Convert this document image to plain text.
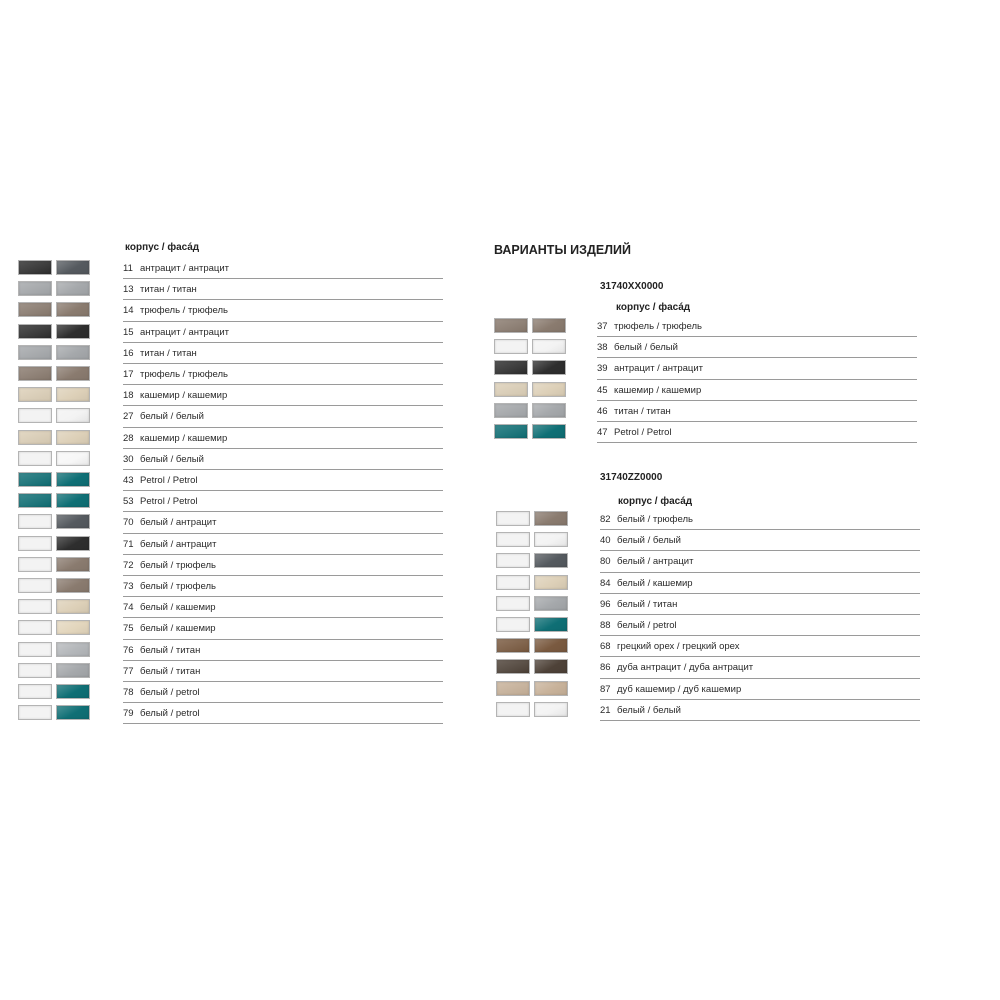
ВАРИАНТЫ ИЗДЕЛИЙ
корпус / фасáд
11 антрацит / антрацит
13 титан / титан
14 трюфель / трюфель
15 антрацит / антрацит
16 титан / титан
17 трюфель / трюфель
18 кашемир / кашемир
27 белый / белый
28 кашемир / кашемир
30 белый / белый
43 Petrol / Petrol
53 Petrol / Petrol
70 белый / антрацит
71 белый / антрацит
72 белый / трюфель
73 белый / трюфель
74 белый / кашемир
75 белый / кашемир
76 белый / титан
77 белый / титан
78 белый / petrol
79 белый / petrol
31740XX0000
корпус / фасáд
37 трюфель / трюфель
38 белый / белый
39 антрацит / антрацит
45 кашемир / кашемир
46 титан / титан
47 Petrol / Petrol
31740ZZ0000
корпус / фасáд
82 белый / трюфель
40 белый / белый
80 белый / антрацит
84 белый / кашемир
96 белый / титан
88 белый / petrol
68 грецкий орех / грецкий орех
86 дуба антрацит / дуба антрацит
87 дуб кашемир / дуб кашемир
21 белый / белый
